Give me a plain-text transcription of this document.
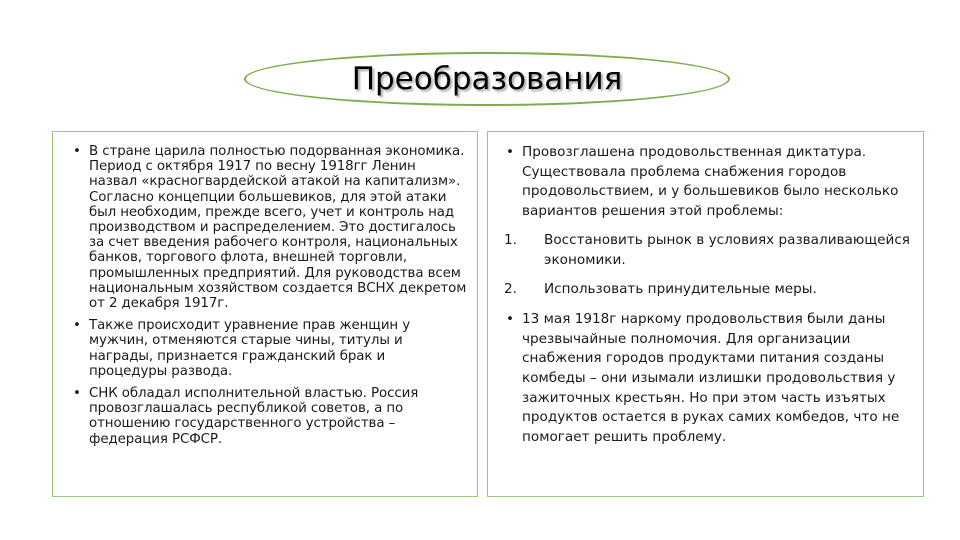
Преобразования
• В стране царила полностью подорванная экономика. Период с октября 1917 по весну 1918гг Ленин назвал «красногвардейской атакой на капитализм». Согласно концепции большевиков, для этой атаки был необходим, прежде всего, учет и контроль над производством и распределением. Это достигалось за счет введения рабочего контроля, национальных банков, торгового флота, внешней торговли, промышленных предприятий. Для руководства всем национальным хозяйством создается ВСНХ декретом от 2 декабря 1917г.
• Также происходит уравнение прав женщин у мужчин, отменяются старые чины, титулы и награды, признается гражданский брак и процедуры развода.
• СНК обладал исполнительной властью. Россия провозглашалась республикой советов, а по отношению государственного устройства – федерация РСФСР.
• Провозглашена продовольственная диктатура. Существовала проблема снабжения городов продовольствием, и у большевиков было несколько вариантов решения этой проблемы:
1. Восстановить рынок в условиях разваливающейся экономики.
2. Использовать принудительные меры.
• 13 мая 1918г наркому продовольствия были даны чрезвычайные полномочия. Для организации снабжения городов продуктами питания созданы комбеды – они изымали излишки продовольствия у зажиточных крестьян. Но при этом часть изъятых продуктов остается в руках самих комбедов, что не помогает решить проблему.
